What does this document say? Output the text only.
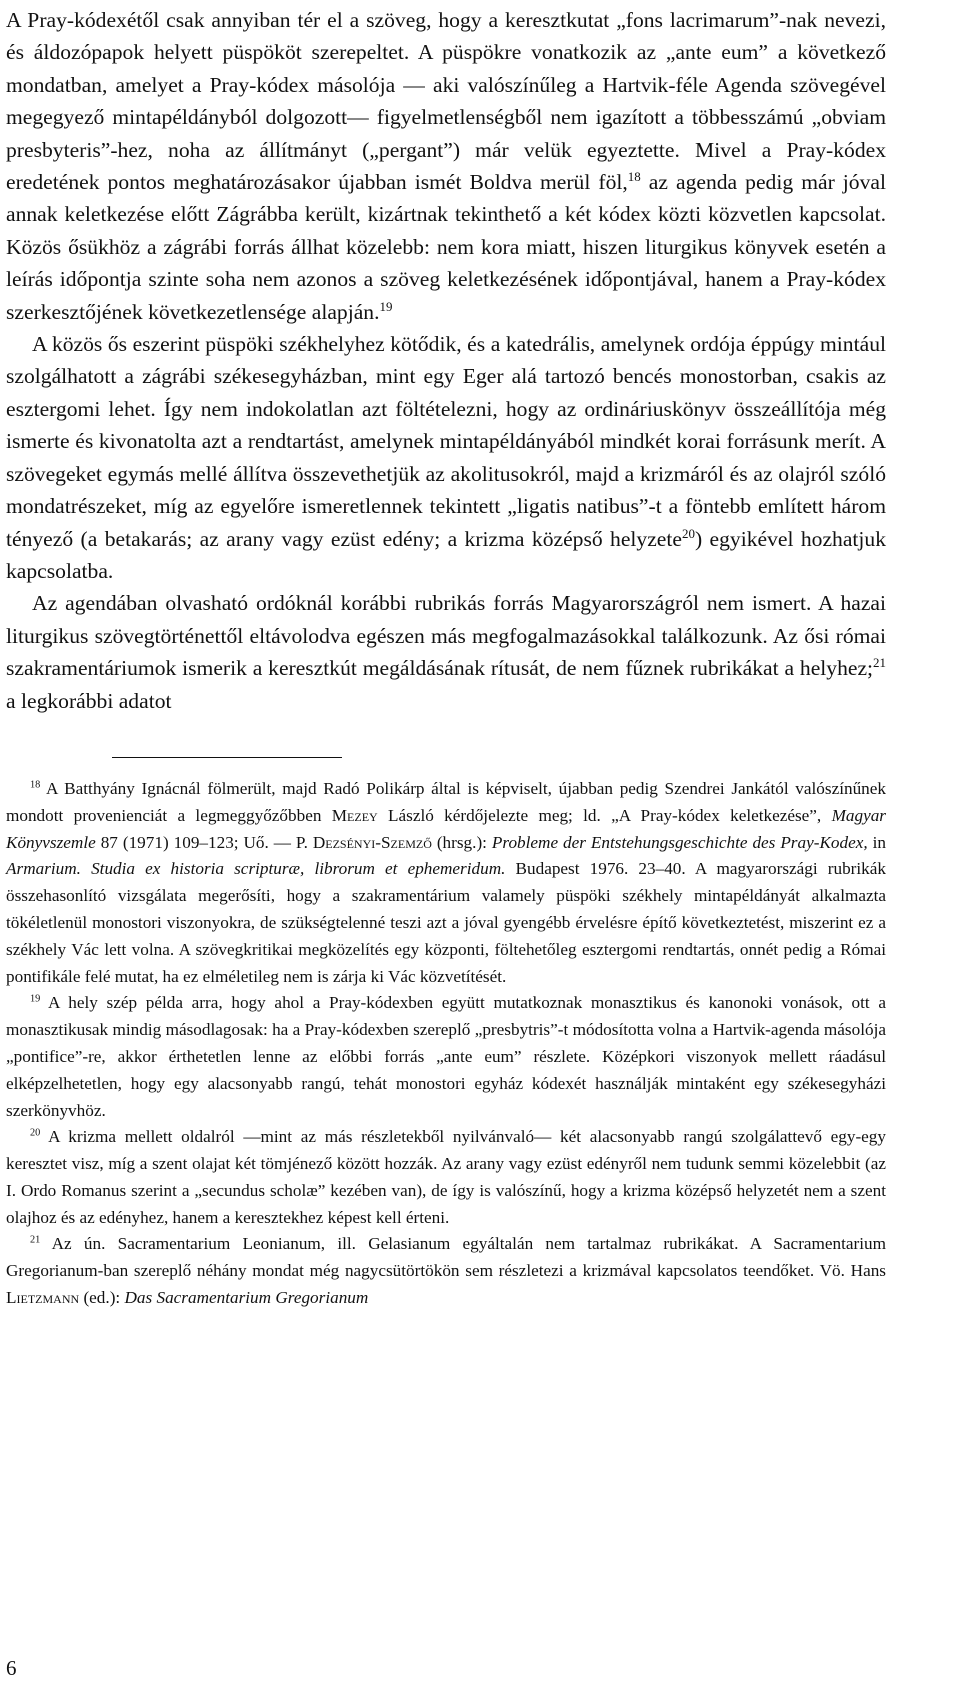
A Pray-kódexétől csak annyiban tér el a szöveg, hogy a keresztkutat „fons lacrimarum”-nak nevezi, és áldozópapok helyett püspököt szerepeltet. A püspökre vonatkozik az „ante eum” a következő mondatban, amelyet a Pray-kódex másolója — aki valószínűleg a Hartvik-féle Agenda szövegével megegyező mintapéldányból dolgozott— figyelmetlenségből nem igazított a többesszámú „obviam presbyteris”-hez, noha az állítmányt („pergant”) már velük egyeztette. Mivel a Pray-kódex eredetének pontos meghatározásakor újabban ismét Boldva merül föl,$^{18}$ az agenda pedig már jóval annak keletkezése előtt Zágrábba került, kizártnak tekinthető a két kódex közti közvetlen kapcsolat. Közös ősükhöz a zágrábi forrás állhat közelebb: nem kora miatt, hiszen liturgikus könyvek esetén a leírás időpontja szinte soha nem azonos a szöveg keletkezésének időpontjával, hanem a Pray-kódex szerkesztőjének következetlensége alapján.$^{19}$

A közös ős eszerint püspöki székhelyhez kötődik, és a katedrális, amelynek ordója éppúgy mintául szolgálhatott a zágrábi székesegyházban, mint egy Eger alá tartozó bencés monostorban, csakis az esztergomi lehet. Így nem indokolatlan azt föltételezni, hogy az ordináriuskönyv összeállítója még ismerte és kivonatolta azt a rendtartást, amelynek mintapéldányából mindkét korai forrásunk merít. A szövegeket egymás mellé állítva összevethetjük az akolitusokról, majd a krizmáról és az olajról szóló mondatrészeket, míg az egyelőre ismeretlennek tekintett „ligatis natibus”-t a föntebb említett három tényező (a betakarás; az arany vagy ezüst edény; a krizma középső helyzete$^{20}$) egyikével hozhatjuk kapcsolatba.

Az agendában olvasható ordóknál korábbi rubrikás forrás Magyarországról nem ismert. A hazai liturgikus szövegtörténettől eltávolodva egészen más megfogalmazásokkal találkozunk. Az ősi római szakramentáriumok ismerik a keresztkút megáldásának rítusát, de nem fűznek rubrikákat a helyhez;$^{21}$ a legkorábbi adatot

$^{18}$ A Batthyány Ignácnál fölmerült, majd Radó Polikárp által is képviselt, újabban pedig Szendrei Jankától valószínűnek mondott provenienciát a legmeggyőzőbben Mezey László kérdőjelezte meg; ld. „A Pray-kódex keletkezése”, Magyar Könyvszemle 87 (1971) 109–123; Uő. — P. Dezsényi-Szemző (hrsg.): Probleme der Entstehungsgeschichte des Pray-Kodex, in Armarium. Studia ex historia scripturæ, librorum et ephemeridum. Budapest 1976. 23–40. A magyarországi rubrikák összehasonlító vizsgálata megerősíti, hogy a szakramentárium valamely püspöki székhely mintapéldányát alkalmazta tökéletlenül monostori viszonyokra, de szükségtelenné teszi azt a jóval gyengébb érvelésre építő következtetést, miszerint ez a székhely Vác lett volna. A szövegkritikai megközelítés egy központi, föltehetőleg esztergomi rendtartás, onnét pedig a Római pontifikále felé mutat, ha ez elméletileg nem is zárja ki Vác közvetítését.

$^{19}$ A hely szép példa arra, hogy ahol a Pray-kódexben együtt mutatkoznak monasztikus és kanonoki vonások, ott a monasztikusak mindig másodlagosak: ha a Pray-kódexben szereplő „presbytris”-t módosította volna a Hartvik-agenda másolója „pontifice”-re, akkor érthetetlen lenne az előbbi forrás „ante eum” részlete. Középkori viszonyok mellett ráadásul elképzelhetetlen, hogy egy alacsonyabb rangú, tehát monostori egyház kódexét használják mintaként egy székesegyházi szerkönyvhöz.

$^{20}$ A krizma mellett oldalról —mint az más részletekből nyilvánvaló— két alacsonyabb rangú szolgálattevő egy-egy keresztet visz, míg a szent olajat két tömjénező között hozzák. Az arany vagy ezüst edényről nem tudunk semmi közelebbit (az I. Ordo Romanus szerint a „secundus scholæ” kezében van), de így is valószínű, hogy a krizma középső helyzetét nem a szent olajhoz és az edényhez, hanem a keresztekhez képest kell érteni.

$^{21}$ Az ún. Sacramentarium Leonianum, ill. Gelasianum egyáltalán nem tartalmaz rubrikákat. A Sacramentarium Gregorianum-ban szereplő néhány mondat még nagycsütörtökön sem részletezi a krizmával kapcsolatos teendőket. Vö. Hans Lietzmann (ed.): Das Sacramentarium Gregorianum

6
